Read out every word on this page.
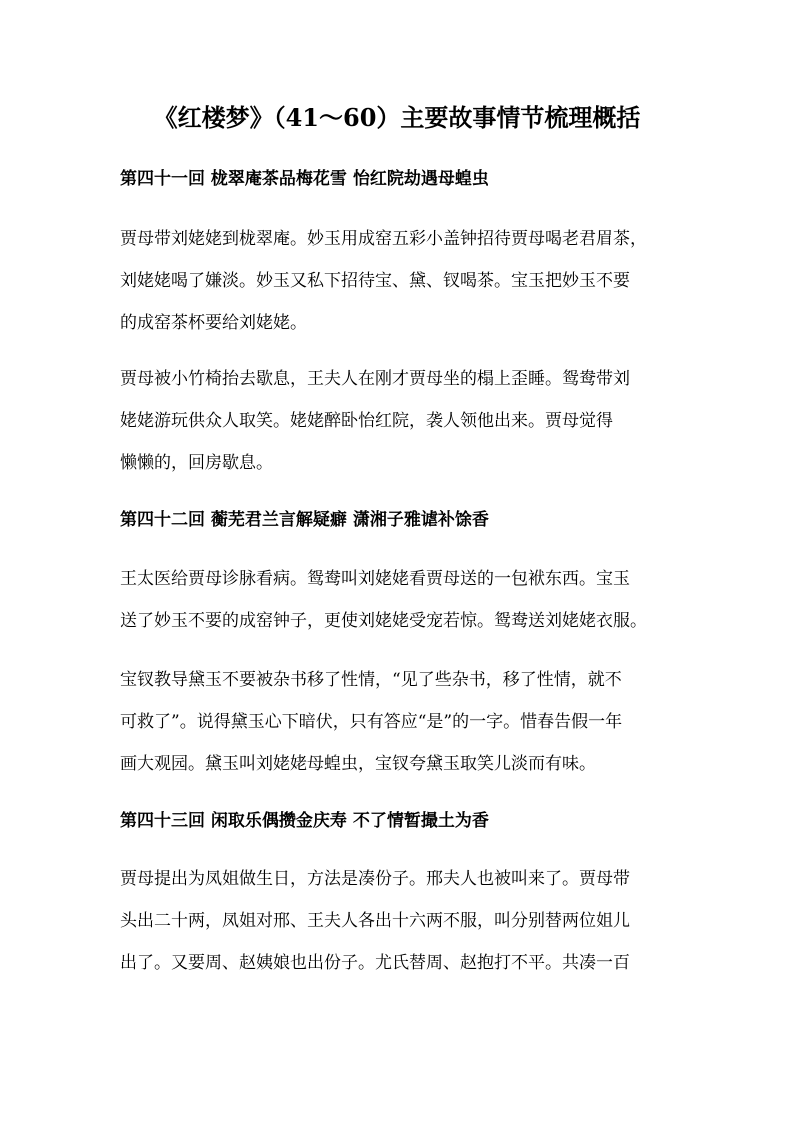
《红楼梦》（41～60）主要故事情节梳理概括
第四十一回 栊翠庵茶品梅花雪 怡红院劫遇母蝗虫
贾母带刘姥姥到栊翠庵。妙玉用成窑五彩小盖钟招待贾母喝老君眉茶，
刘姥姥喝了嫌淡。妙玉又私下招待宝、黛、钗喝茶。宝玉把妙玉不要
的成窑茶杯要给刘姥姥。
贾母被小竹椅抬去歇息，王夫人在刚才贾母坐的榻上歪睡。鸳鸯带刘
姥姥游玩供众人取笑。姥姥醉卧怡红院，袭人领他出来。贾母觉得
懒懒的，回房歇息。
第四十二回 蘅芜君兰言解疑癖 潇湘子雅谑补馀香
王太医给贾母诊脉看病。鸳鸯叫刘姥姥看贾母送的一包袱东西。宝玉
送了妙玉不要的成窑钟子，更使刘姥姥受宠若惊。鸳鸯送刘姥姥衣服。
宝钗教导黛玉不要被杂书移了性情，“见了些杂书，移了性情，就不
可救了”。说得黛玉心下暗伏，只有答应“是”的一字。惜春告假一年
画大观园。黛玉叫刘姥姥母蝗虫，宝钗夸黛玉取笑儿淡而有味。
第四十三回 闲取乐偶攒金庆寿 不了情暂撮土为香
贾母提出为凤姐做生日，方法是凑份子。邢夫人也被叫来了。贾母带
头出二十两，凤姐对邢、王夫人各出十六两不服，叫分别替两位姐儿
出了。又要周、赵姨娘也出份子。尤氏替周、赵抱打不平。共凑一百
